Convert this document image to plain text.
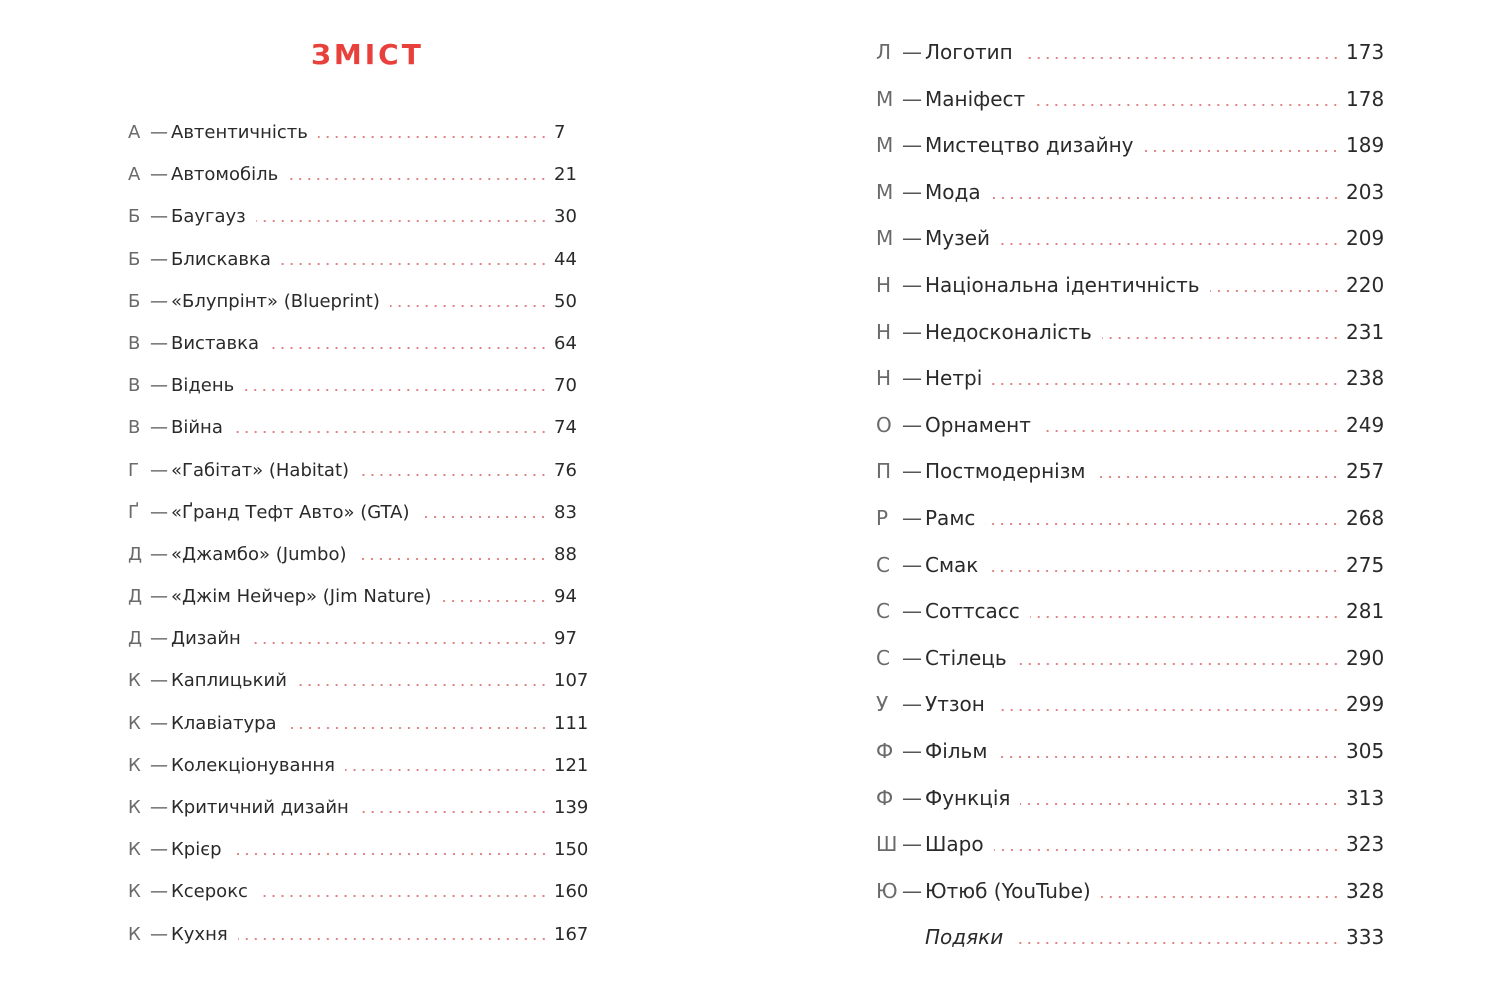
ЗМІСТ
А — Автентичність	7
А — Автомобіль	21
Б — Баугауз	30
Б — Блискавка	44
Б — «Блупрінт» (Blueprint)	50
В — Виставка	64
В — Відень	70
В — Війна	74
Г — «Габітат» (Habitat)	76
Ґ — «Ґранд Тефт Авто» (GTA)	83
Д — «Джамбо» (Jumbo)	88
Д — «Джім Нейчер» (Jim Nature)	94
Д — Дизайн	97
К — Каплицький	107
К — Клавіатура	111
К — Колекціонування	121
К — Критичний дизайн	139
К — Крієр	150
К — Ксерокс	160
К — Кухня	167
Л — Логотип	173
М — Маніфест	178
М — Мистецтво дизайну	189
М — Мода	203
М — Музей	209
Н — Національна ідентичність	220
Н — Недосконалість	231
Н — Нетрі	238
О — Орнамент	249
П — Постмодернізм	257
Р — Рамс	268
С — Смак	275
С — Соттсасс	281
С — Стілець	290
У — Утзон	299
Ф — Фільм	305
Ф — Функція	313
Ш — Шаро	323
Ю — Ютюб (YouTube)	328
Подяки	333
